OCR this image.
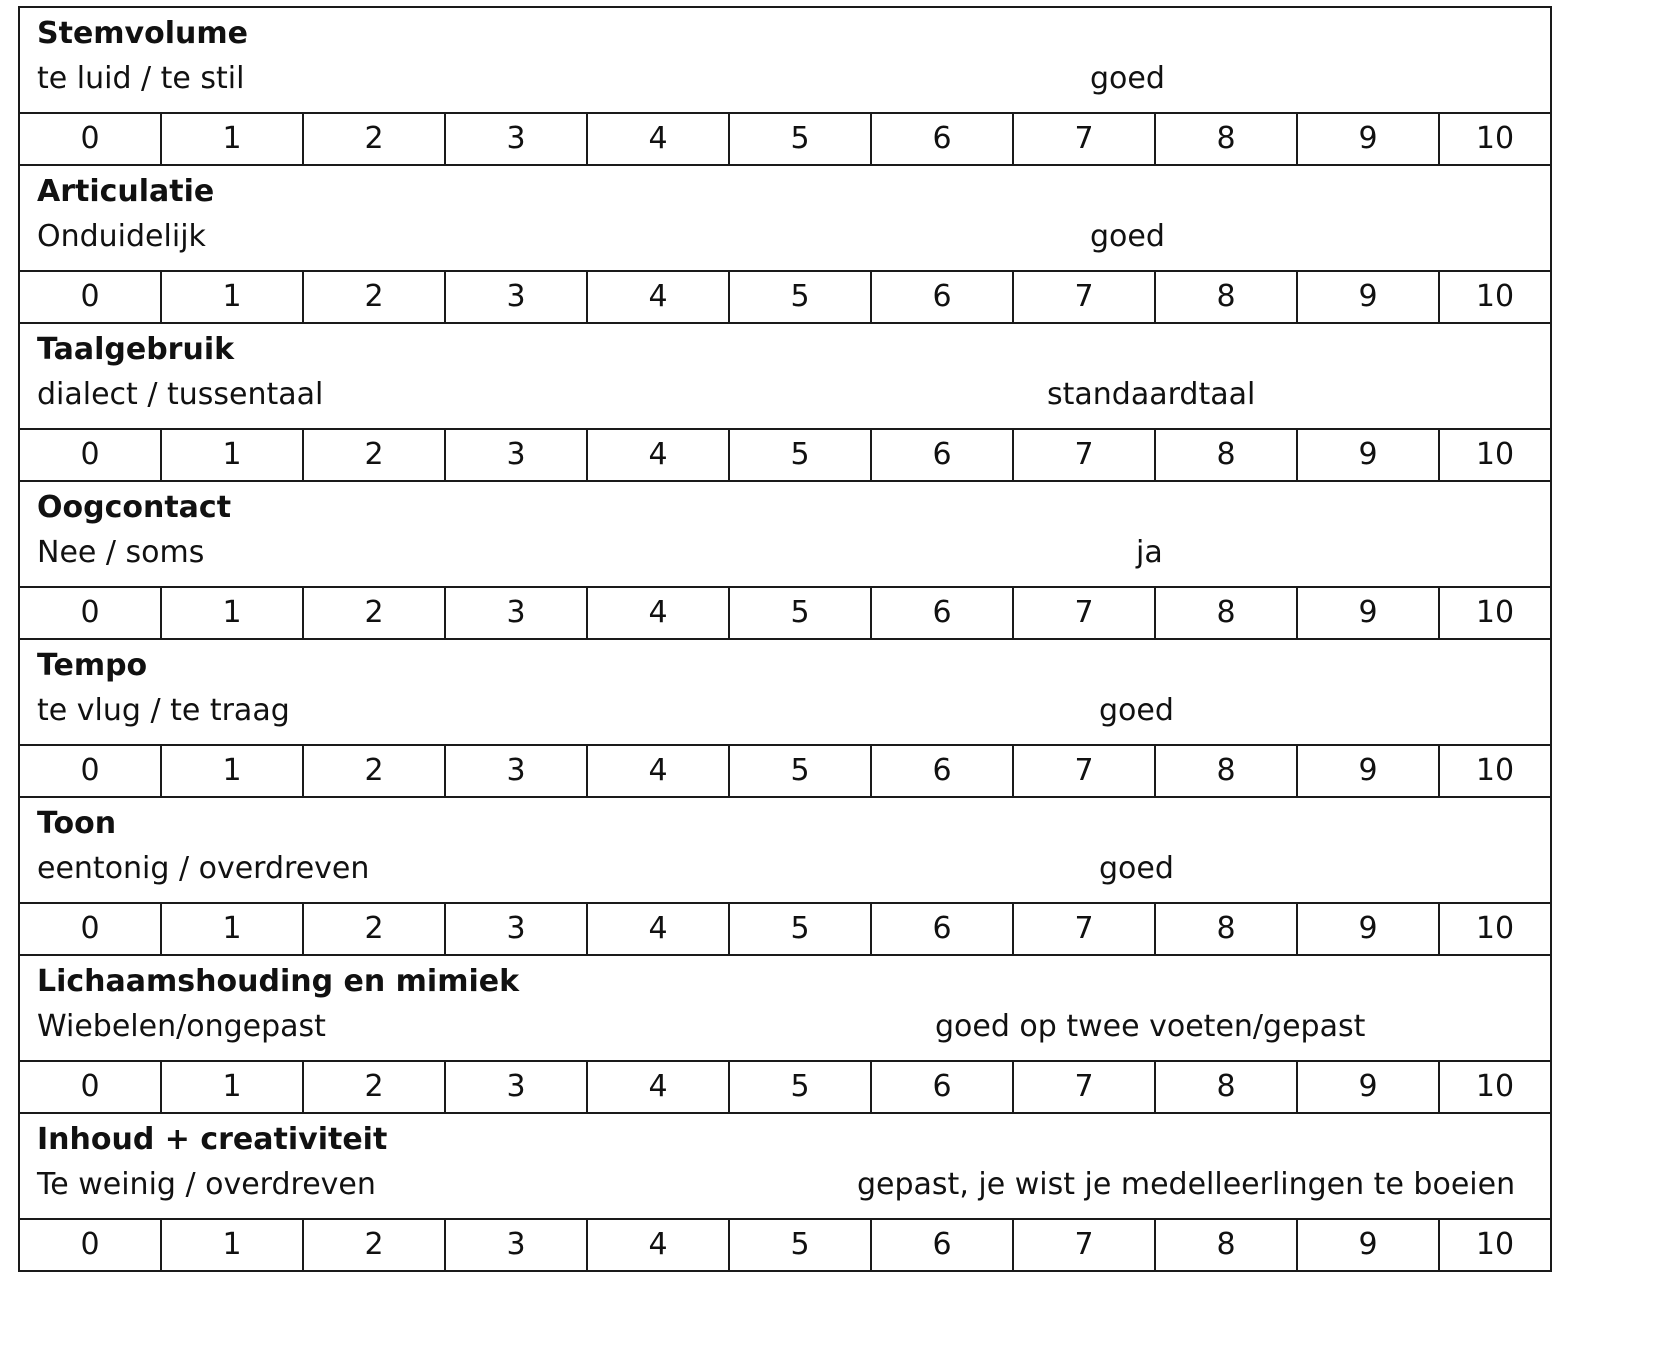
Stemvolume
te luid / te stil	goed
0	1	2	3	4	5	6	7	8	9	10
Articulatie
Onduidelijk	goed
0	1	2	3	4	5	6	7	8	9	10
Taalgebruik
dialect / tussentaal	standaardtaal
0	1	2	3	4	5	6	7	8	9	10
Oogcontact
Nee / soms	ja
0	1	2	3	4	5	6	7	8	9	10
Tempo
te vlug / te traag	goed
0	1	2	3	4	5	6	7	8	9	10
Toon
eentonig / overdreven	goed
0	1	2	3	4	5	6	7	8	9	10
Lichaamshouding en mimiek
Wiebelen/ongepast	goed op twee voeten/gepast
0	1	2	3	4	5	6	7	8	9	10
Inhoud + creativiteit
Te weinig / overdreven	gepast, je wist je medelleerlingen te boeien
0	1	2	3	4	5	6	7	8	9	10
